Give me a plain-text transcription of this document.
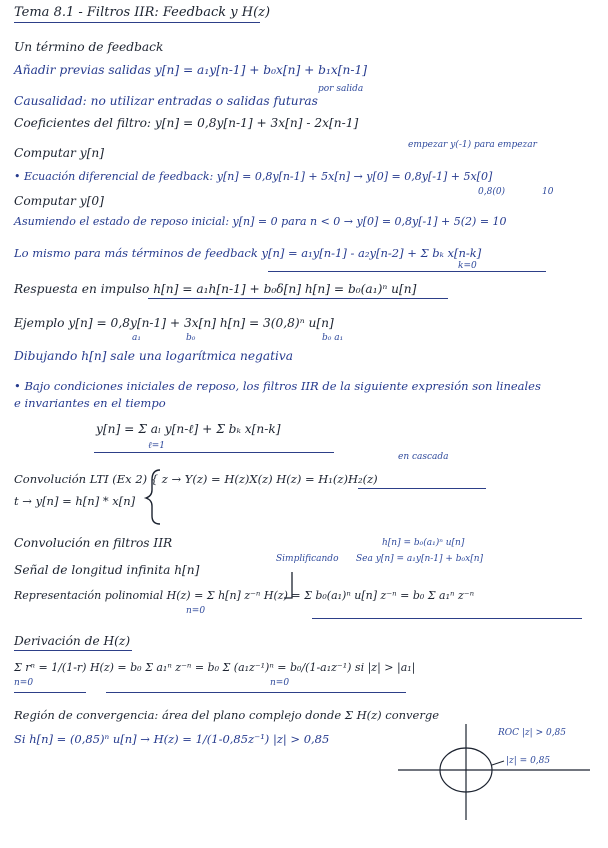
Tema 8.1 - Filtros IIR: Feedback y H(z)
Un término de feedback
por salida
Añadir previas salidas y[n] = a₁y[n-1] + b₀x[n] + b₁x[n-1]
Causalidad: no utilizar entradas o salidas futuras
Coeficientes del filtro: y[n] = 0,8y[n-1] + 3x[n] - 2x[n-1]
empezar y(-1) para empezar
Computar y[n]
• Ecuación diferencial de feedback: y[n] = 0,8y[n-1] + 5x[n] → y[0] = 0,8y[-1] + 5x[0]
0,8(0)	10
Computar y[0]
Asumiendo el estado de reposo inicial: y[n] = 0 para n < 0 → y[0] = 0,8y[-1] + 5(2) = 10
Lo mismo para más términos de feedback y[n] = a₁y[n-1] - a₂y[n-2] + Σ bₖ x[n-k]
k=0
Respuesta en impulso h[n] = a₁h[n-1] + b₀δ[n] h[n] = b₀(a₁)ⁿ u[n]
Ejemplo y[n] = 0,8y[n-1] + 3x[n] h[n] = 3(0,8)ⁿ u[n]
a₁	b₀	b₀ a₁
Dibujando h[n] sale una logarítmica negativa
• Bajo condiciones iniciales de reposo, los filtros IIR de la siguiente expresión son lineales
e invariantes en el tiempo
y[n] = Σ aₗ y[n-ℓ] + Σ bₖ x[n-k]
ℓ=1
en cascada
Convolución LTI (Ex 2) { z → Y(z) = H(z)X(z) H(z) = H₁(z)H₂(z)
t → y[n] = h[n] * x[n]
Convolución en filtros IIR	h[n] = b₀(a₁)ⁿ u[n]
Simplificando Sea y[n] = a₁y[n-1] + b₀x[n]
Señal de longitud infinita h[n]
Representación polinomial H(z) = Σ h[n] z⁻ⁿ H(z) = Σ b₀(a₁)ⁿ u[n] z⁻ⁿ = b₀ Σ a₁ⁿ z⁻ⁿ
n=0
Derivación de H(z)
Σ rⁿ = 1/(1-r) H(z) = b₀ Σ a₁ⁿ z⁻ⁿ = b₀ Σ (a₁z⁻¹)ⁿ = b₀/(1-a₁z⁻¹) si |z| > |a₁|
n=0	n=0
Región de convergencia: área del plano complejo donde Σ H(z) converge
Si h[n] = (0,85)ⁿ u[n] → H(z) = 1/(1-0,85z⁻¹) |z| > 0,85	ROC |z| > 0,85
|z| = 0,85
